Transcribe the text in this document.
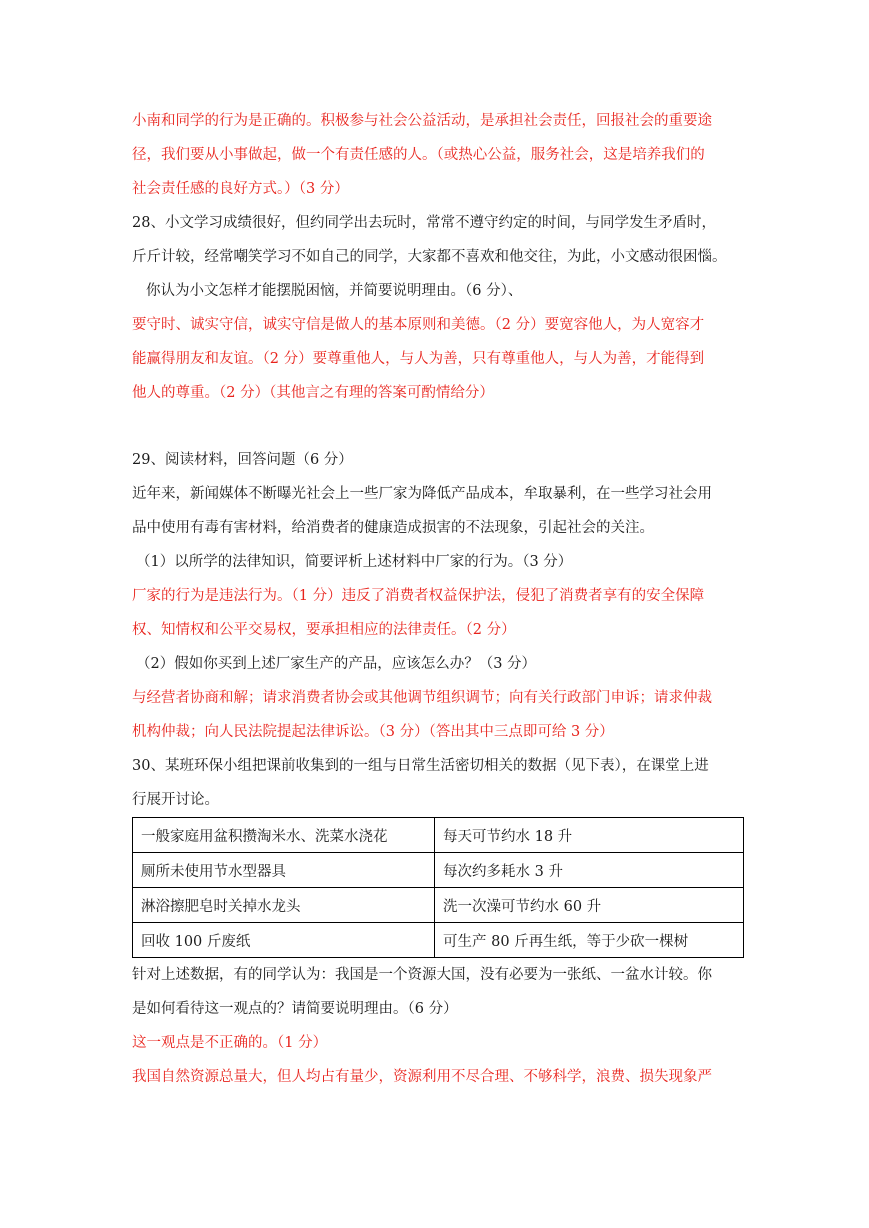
小南和同学的行为是正确的。积极参与社会公益活动，是承担社会责任，回报社会的重要途
径，我们要从小事做起，做一个有责任感的人。（或热心公益，服务社会，这是培养我们的
社会责任感的良好方式。）（3 分）
28、小文学习成绩很好，但约同学出去玩时，常常不遵守约定的时间，与同学发生矛盾时，
斤斤计较，经常嘲笑学习不如自己的同学，大家都不喜欢和他交往，为此，小文感动很困惱。
你认为小文怎样才能摆脱困恼，并简要说明理由。（6 分）、
要守时、诚实守信，诚实守信是做人的基本原则和美德。（2 分）要宽容他人，为人宽容才
能赢得朋友和友谊。（2 分）要尊重他人，与人为善，只有尊重他人，与人为善，才能得到
他人的尊重。（2 分）（其他言之有理的答案可酌情给分）
29、阅读材料，回答问题（6 分）
近年来，新闻媒体不断曝光社会上一些厂家为降低产品成本，牟取暴利，在一些学习社会用
品中使用有毒有害材料，给消费者的健康造成损害的不法现象，引起社会的关注。
（1）以所学的法律知识，简要评析上述材料中厂家的行为。（3 分）
厂家的行为是违法行为。（1 分）违反了消费者权益保护法，侵犯了消费者享有的安全保障
权、知情权和公平交易权，要承担相应的法律责任。（2 分）
（2）假如你买到上述厂家生产的产品，应该怎么办？（3 分）
与经营者协商和解；请求消费者协会或其他调节组织调节；向有关行政部门申诉；请求仲裁
机构仲裁；向人民法院提起法律诉讼。（3 分）（答出其中三点即可给 3 分）
30、某班环保小组把课前收集到的一组与日常生活密切相关的数据（见下表），在课堂上进
行展开讨论。
一般家庭用盆积攒淘米水、洗菜水浇花	每天可节约水 18 升
厕所未使用节水型器具	每次约多耗水 3 升
淋浴擦肥皂时关掉水龙头	洗一次澡可节约水 60 升
回收 100 斤废纸	可生产 80 斤再生纸，等于少砍一棵树
针对上述数据，有的同学认为：我国是一个资源大国，没有必要为一张纸、一盆水计较。你
是如何看待这一观点的？请简要说明理由。（6 分）
这一观点是不正确的。（1 分）
我国自然资源总量大，但人均占有量少，资源利用不尽合理、不够科学，浪费、损失现象严
